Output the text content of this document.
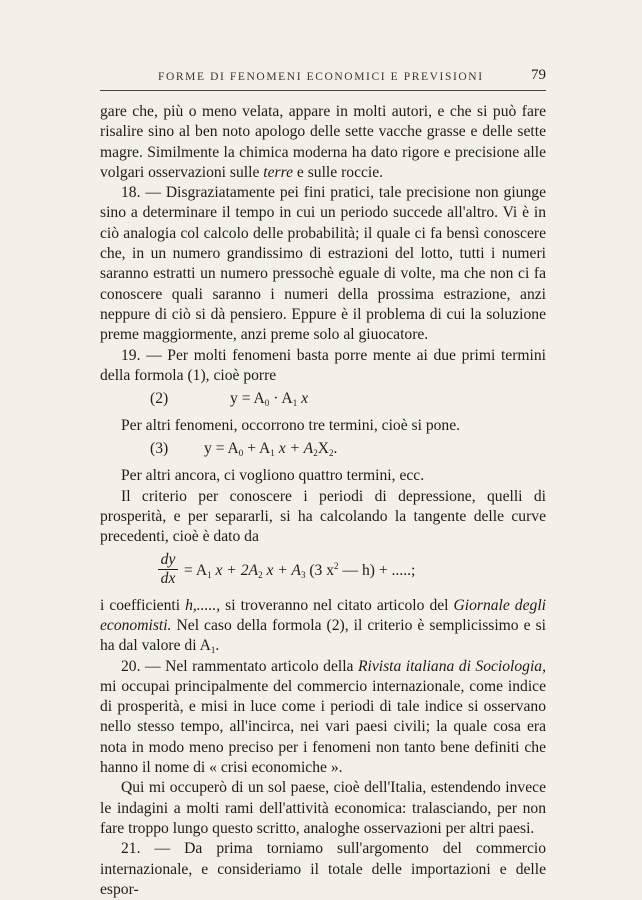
FORME DI FENOMENI ECONOMICI E PREVISIONI	79

gare che, più o meno velata, appare in molti autori, e che si può fare risalire sino al ben noto apologo delle sette vacche grasse e delle sette magre. Similmente la chimica moderna ha dato rigore e precisione alle volgari osservazioni sulle terre e sulle roccie.

18. — Disgraziatamente pei fini pratici, tale precisione non giunge sino a determinare il tempo in cui un periodo succede all'altro. Vi è in ciò analogia col calcolo delle probabilità; il quale ci fa bensì conoscere che, in un numero grandissimo di estrazioni del lotto, tutti i numeri saranno estratti un numero pressochè eguale di volte, ma che non ci fa conoscere quali saranno i numeri della prossima estrazione, anzi neppure di ciò si dà pensiero. Eppure è il problema di cui la soluzione preme maggiormente, anzi preme solo al giuocatore.

19. — Per molti fenomeni basta porre mente ai due primi termini della formola (1), cioè porre

(2)	$y = A_0 \cdot A_1$ x

Per altri fenomeni, occorrono tre termini, cioè si pone.

(3) $y = A_0 + A_1$ $x + A_2X_2$.

Per altri ancora, ci vogliono quattro termini, ecc.

Il criterio per conoscere i periodi di depressione, quelli di prosperità, e per separarli, si ha calcolando la tangente delle curve precedenti, cioè è dato da

$\frac{dy}{dx} = A_1$ $x + 2A_2$ $x + A_3$ (3 $x^2$ — h) + .....;

i coefficienti h,....., si troveranno nel citato articolo del Giornale degli economisti. Nel caso della formola (2), il criterio è semplicissimo e si ha dal valore di $A_1$.

20. — Nel rammentato articolo della Rivista italiana di Sociologia, mi occupai principalmente del commercio internazionale, come indice di prosperità, e misi in luce come i periodi di tale indice si osservano nello stesso tempo, all'incirca, nei vari paesi civili; la quale cosa era nota in modo meno preciso per i fenomeni non tanto bene definiti che hanno il nome di « crisi economiche ».

Qui mi occuperò di un sol paese, cioè dell'Italia, estendendo invece le indagini a molti rami dell'attività economica: tralasciando, per non fare troppo lungo questo scritto, analoghe osservazioni per altri paesi.

21. — Da prima torniamo sull'argomento del commercio internazionale, e consideriamo il totale delle importazioni e delle espor-
